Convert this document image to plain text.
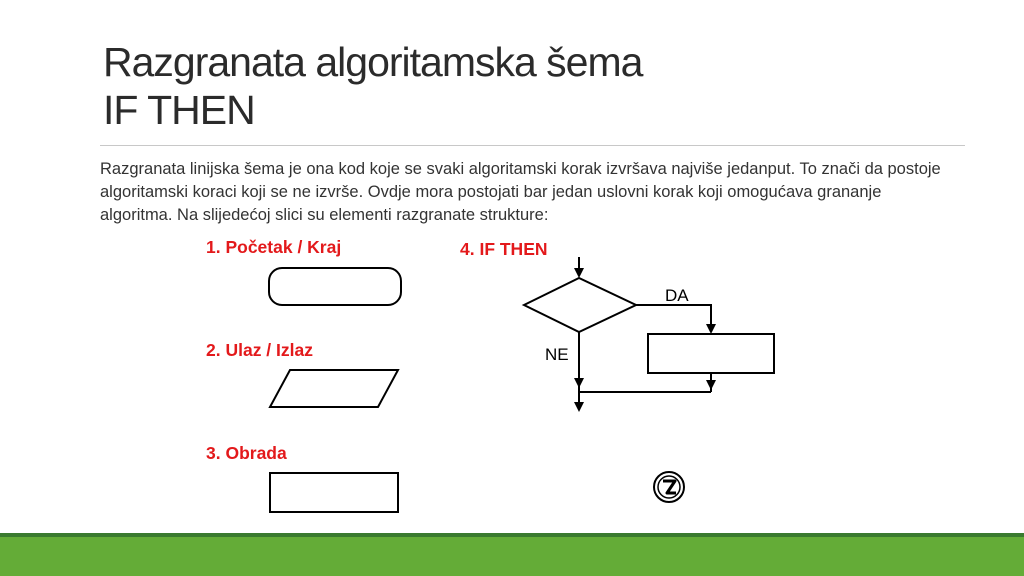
Razgranata algoritamska šema
IF THEN

Razgranata linijska šema je ona kod koje se svaki algoritamski korak izvršava najviše jedanput. To znači da postoje algoritamski koraci koji se ne izvrše. Ovdje mora postojati bar jedan uslovni korak koji omogućava grananje algoritma. Na slijedećoj slici su elementi razgranate strukture:

1. Početak / Kraj
2. Ulaz / Izlaz
3. Obrada
4. IF THEN
DA
NE
